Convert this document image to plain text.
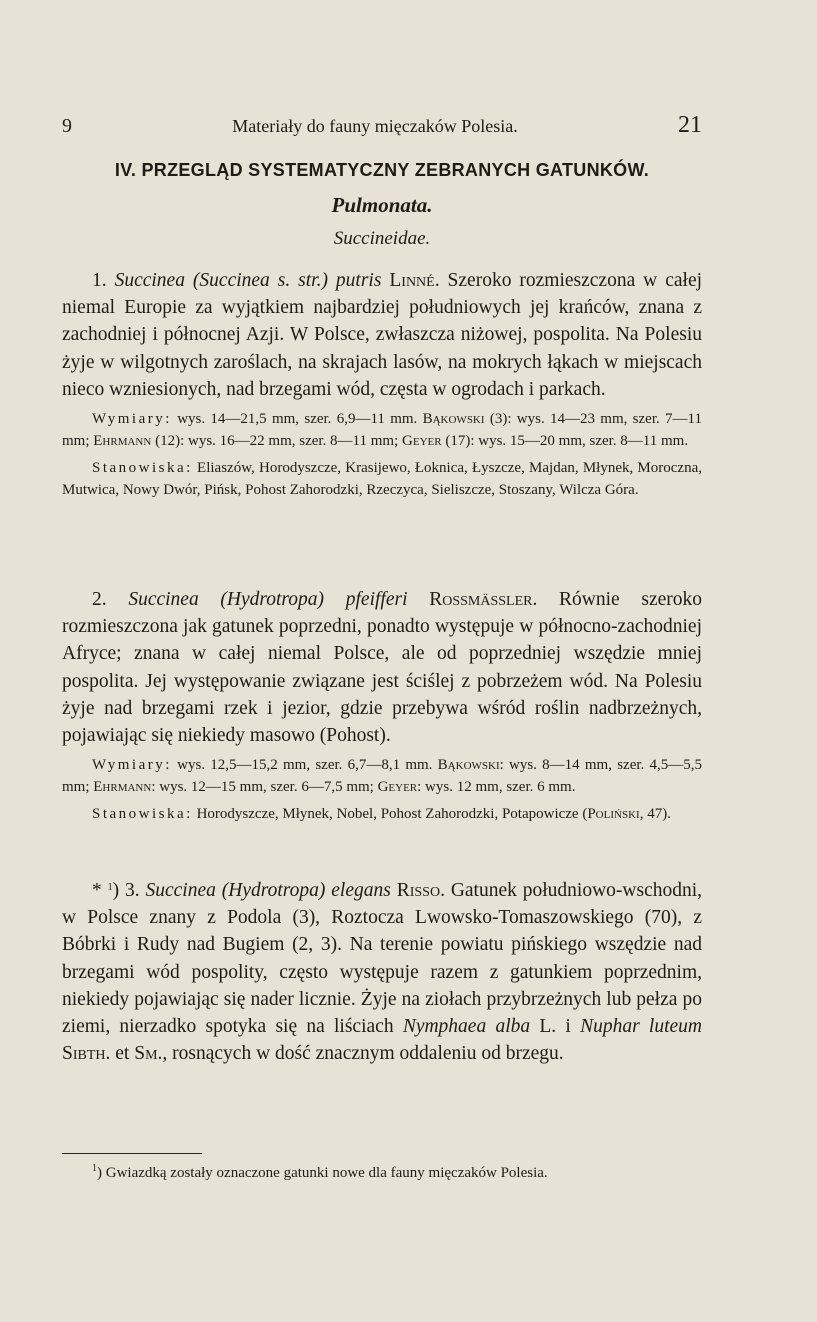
9	Materiały do fauny mięczaków Polesia.	21
IV. PRZEGLĄD SYSTEMATYCZNY ZEBRANYCH GATUNKÓW.
Pulmonata.
Succineidae.

1. Succinea (Succinea s. str.) putris Linné. Szeroko rozmieszczona w całej niemal Europie za wyjątkiem najbardziej południowych jej krańców, znana z zachodniej i północnej Azji. W Polsce, zwłaszcza niżowej, pospolita. Na Polesiu żyje w wilgotnych zaroślach, na skrajach lasów, na mokrych łąkach w miejscach nieco wzniesionych, nad brzegami wód, częsta w ogrodach i parkach.

Wymiary: wys. 14—21,5 mm, szer. 6,9—11 mm. Bąkowski (3): wys. 14—23 mm, szer. 7—11 mm; Ehrmann (12): wys. 16—22 mm, szer. 8—11 mm; Geyer (17): wys. 15—20 mm, szer. 8—11 mm.

Stanowiska: Eliaszów, Horodyszcze, Krasijewo, Łoknica, Łyszcze, Majdan, Młynek, Moroczna, Mutwica, Nowy Dwór, Pińsk, Pohost Zahorodzki, Rzeczyca, Sieliszcze, Stoszany, Wilcza Góra.

2. Succinea (Hydrotropa) pfeifferi Rossmässler. Równie szeroko rozmieszczona jak gatunek poprzedni, ponadto występuje w północno-zachodniej Afryce; znana w całej niemal Polsce, ale od poprzedniej wszędzie mniej pospolita. Jej występowanie związane jest ściślej z pobrzeżem wód. Na Polesiu żyje nad brzegami rzek i jezior, gdzie przebywa wśród roślin nadbrzeżnych, pojawiając się niekiedy masowo (Pohost).

Wymiary: wys. 12,5—15,2 mm, szer. 6,7—8,1 mm. Bąkowski: wys. 8—14 mm, szer. 4,5—5,5 mm; Ehrmann: wys. 12—15 mm, szer. 6—7,5 mm; Geyer: wys. 12 mm, szer. 6 mm.

Stanowiska: Horodyszcze, Młynek, Nobel, Pohost Zahorodzki, Potapowicze (Poliński, 47).

* $^1$) 3. Succinea (Hydrotropa) elegans Risso. Gatunek południowo-wschodni, w Polsce znany z Podola (3), Roztocza Lwowsko-Tomaszowskiego (70), z Bóbrki i Rudy nad Bugiem (2, 3). Na terenie powiatu pińskiego wszędzie nad brzegami wód pospolity, często występuje razem z gatunkiem poprzednim, niekiedy pojawiając się nader licznie. Żyje na ziołach przybrzeżnych lub pełza po ziemi, nierzadko spotyka się na liściach Nymphaea alba L. i Nuphar luteum Sibth. et Sm., rosnących w dość znacznym oddaleniu od brzegu.

$^1$) Gwiazdką zostały oznaczone gatunki nowe dla fauny mięczaków Polesia.
